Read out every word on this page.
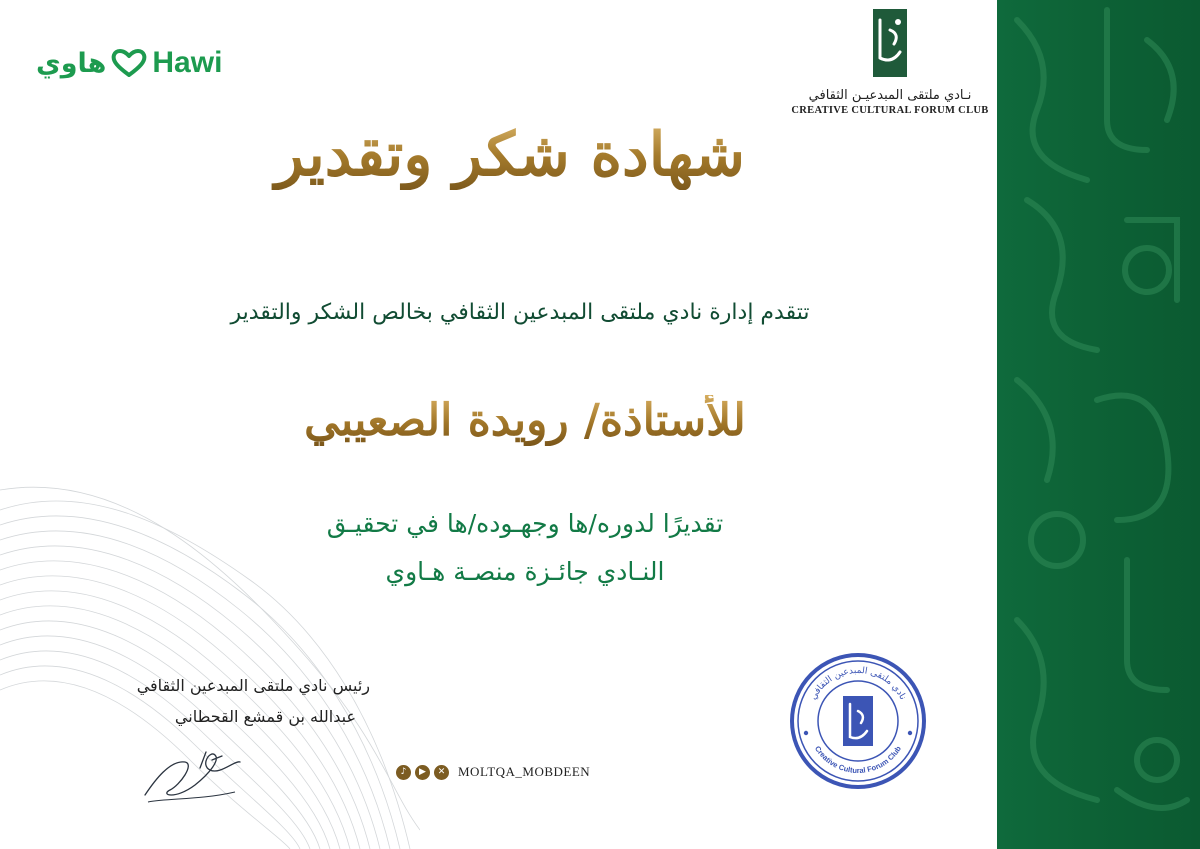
هاوي Hawi
نـادي ملتقى المبدعيـن الثقافي
CREATIVE CULTURAL FORUM CLUB
شهادة شكر وتقدير
تتقدم إدارة نادي ملتقى المبدعين الثقافي بخالص الشكر والتقدير
للأستاذة/ رويدة الصعيبي
تقديرًا لدوره/ها وجهـوده/ها في تحقيـق
النـادي جائـزة منصـة هـاوي
رئيس نادي ملتقى المبدعين الثقافي
عبدالله بن قمشع القحطاني
♪	▶	✕ MOLTQA_MOBDEEN
نادي ملتقى المبدعين الثقافي
Creative Cultural Forum Club
